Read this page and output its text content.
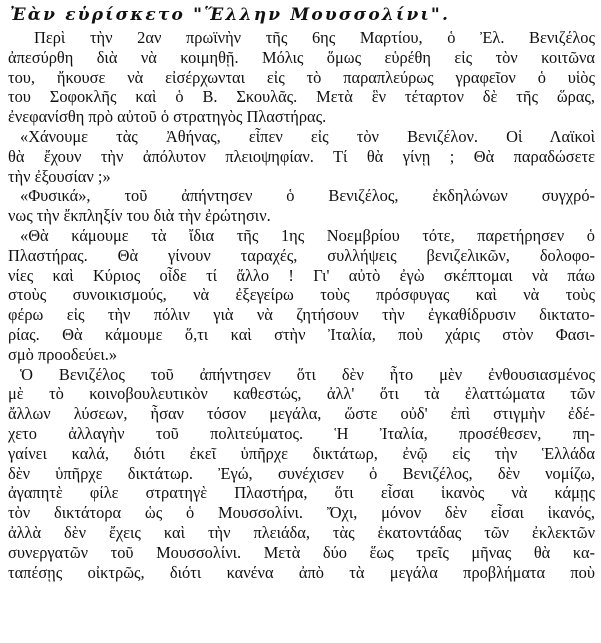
Ἐὰν εὑρίσκετο "Ἕλλην Μουσσολίνι".
Περὶ τὴν 2αν πρωϊνὴν τῆς 6ης Μαρτίου, ὁ Ἐλ. Βενιζέλος
ἀπεσύρθη διὰ νὰ κοιμηθῇ. Μόλις ὅμως εὑρέθη εἰς τὸν κοιτῶνα
του, ἤκουσε νὰ εἰσέρχωνται εἰς τὸ παραπλεύρως γραφεῖον ὁ υἱὸς
του Σοφοκλῆς καὶ ὁ Β. Σκουλᾶς. Μετὰ ἓν τέταρτον δὲ τῆς ὥρας,
ἐνεφανίσθη πρὸ αὐτοῦ ὁ στρατηγὸς Πλαστήρας.
«Χάνουμε τὰς Ἀθήνας, εἶπεν εἰς τὸν Βενιζέλον. Οἱ Λαϊκοὶ
θὰ ἔχουν τὴν ἀπόλυτον πλειοψηφίαν. Τί θὰ γίνῃ ; Θὰ παραδώσετε
τὴν ἐξουσίαν ;»
«Φυσικά», τοῦ ἀπήντησεν ὁ Βενιζέλος, ἐκδηλώνων συγχρό-
νως τὴν ἔκπληξίν του διὰ τὴν ἐρώτησιν.
«Θὰ κάμουμε τὰ ἴδια τῆς 1ης Νοεμβρίου τότε, παρετήρησεν ὁ
Πλαστήρας. Θὰ γίνουν ταραχές, συλλήψεις βενιζελικῶν, δολοφο-
νίες καὶ Κύριος οἶδε τί ἄλλο ! Γι' αὐτὸ ἐγὼ σκέπτομαι νὰ πάω
στοὺς συνοικισμούς, νὰ ἐξεγείρω τοὺς πρόσφυγας καὶ νὰ τοὺς
φέρω εἰς τὴν πόλιν γιὰ νὰ ζητήσουν τὴν ἐγκαθίδρυσιν δικτατο-
ρίας. Θὰ κάμουμε ὅ,τι καὶ στὴν Ἰταλία, ποὺ χάρις στὸν Φασι-
σμὸ προοδεύει.»
Ὁ Βενιζέλος τοῦ ἀπήντησεν ὅτι δὲν ἦτο μὲν ἐνθουσιασμένος
μὲ τὸ κοινοβουλευτικὸν καθεστώς, ἀλλ' ὅτι τὰ ἐλαττώματα τῶν
ἄλλων λύσεων, ἦσαν τόσον μεγάλα, ὥστε οὐδ' ἐπὶ στιγμὴν ἐδέ-
χετο ἀλλαγὴν τοῦ πολιτεύματος. Ἡ Ἰταλία, προσέθεσεν, πη-
γαίνει καλά, διότι ἐκεῖ ὑπῆρχε δικτάτωρ, ἐνῷ εἰς τὴν Ἑλλάδα
δὲν ὑπῆρχε δικτάτωρ. Ἐγώ, συνέχισεν ὁ Βενιζέλος, δὲν νομίζω,
ἀγαπητὲ φίλε στρατηγὲ Πλαστήρα, ὅτι εἶσαι ἱκανὸς νὰ κάμῃς
τὸν δικτάτορα ὡς ὁ Μουσσολίνι. Ὄχι, μόνον δὲν εἶσαι ἱκανός,
ἀλλὰ δὲν ἔχεις καὶ τὴν πλειάδα, τὰς ἑκατοντάδας τῶν ἐκλεκτῶν
συνεργατῶν τοῦ Μουσσολίνι. Μετὰ δύο ἕως τρεῖς μῆνας θὰ κα-
ταπέσῃς οἰκτρῶς, διότι κανένα ἀπὸ τὰ μεγάλα προβλήματα ποὺ
